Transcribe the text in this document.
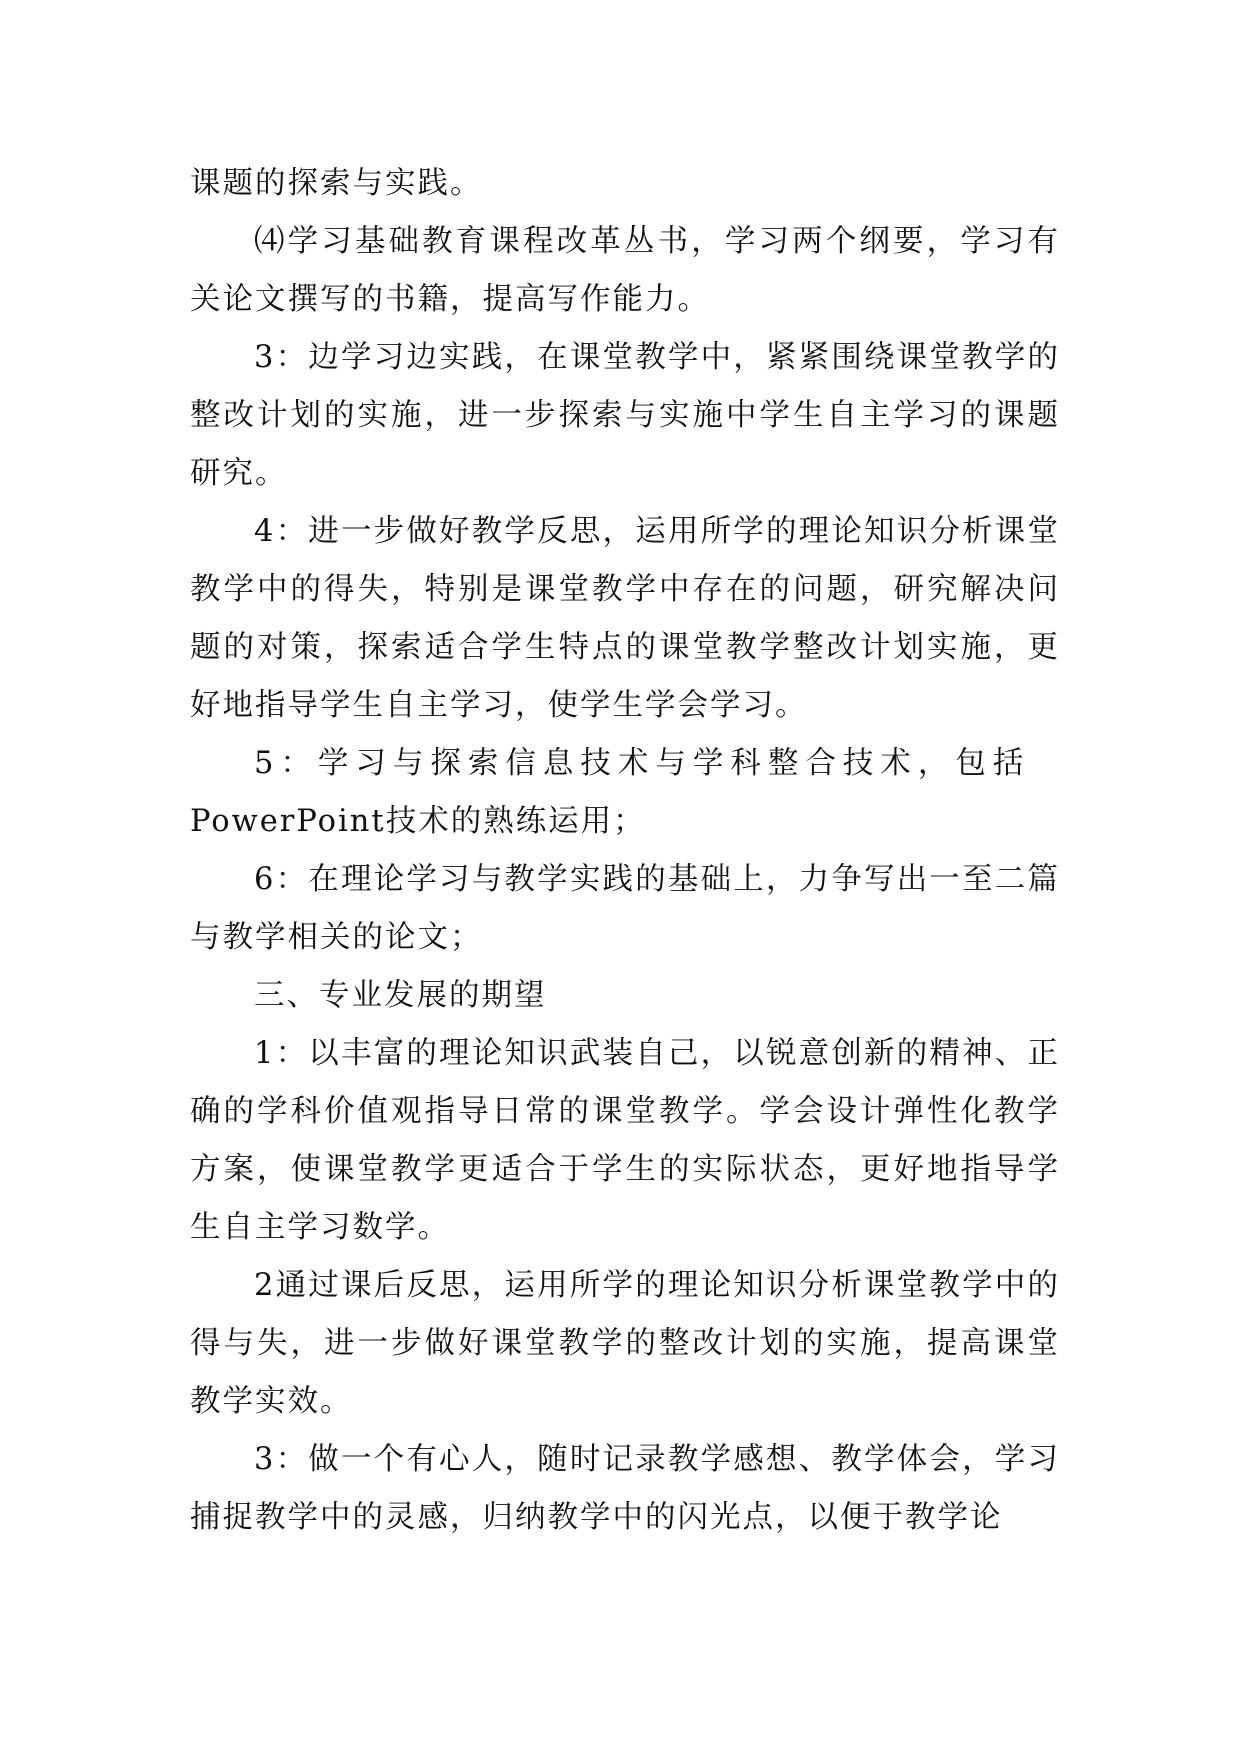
课题的探索与实践。

⑷学习基础教育课程改革丛书，学习两个纲要，学习有关论文撰写的书籍，提高写作能力。

3：边学习边实践，在课堂教学中，紧紧围绕课堂教学的整改计划的实施，进一步探索与实施中学生自主学习的课题研究。

4：进一步做好教学反思，运用所学的理论知识分析课堂教学中的得失，特别是课堂教学中存在的问题，研究解决问题的对策，探索适合学生特点的课堂教学整改计划实施，更好地指导学生自主学习，使学生学会学习。

5：学习与探索信息技术与学科整合技术，包括

PowerPoint技术的熟练运用；

6：在理论学习与教学实践的基础上，力争写出一至二篇与教学相关的论文；

三、专业发展的期望

1：以丰富的理论知识武装自己，以锐意创新的精神、正确的学科价值观指导日常的课堂教学。学会设计弹性化教学方案，使课堂教学更适合于学生的实际状态，更好地指导学生自主学习数学。

2通过课后反思，运用所学的理论知识分析课堂教学中的得与失，进一步做好课堂教学的整改计划的实施，提高课堂教学实效。

3：做一个有心人，随时记录教学感想、教学体会，学习捕捉教学中的灵感，归纳教学中的闪光点，以便于教学论
